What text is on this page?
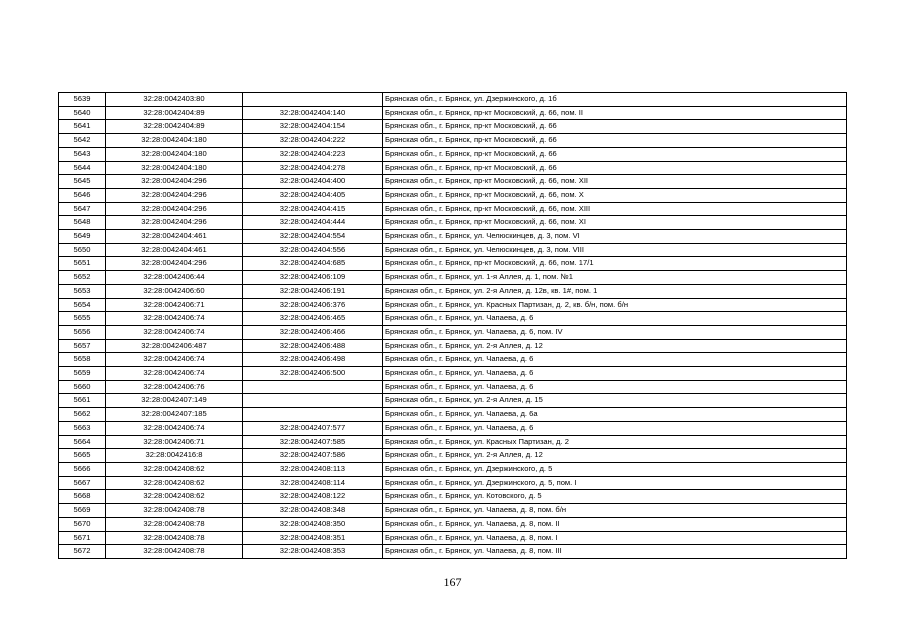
5639	32:28:0042403:80		Брянская обл., г. Брянск, ул. Дзержинского, д. 1б
5640	32:28:0042404:89	32:28:0042404:140	Брянская обл., г. Брянск, пр-кт Московский, д. 66, пом. II
5641	32:28:0042404:89	32:28:0042404:154	Брянская обл., г. Брянск, пр-кт Московский, д. 66
5642	32:28:0042404:180	32:28:0042404:222	Брянская обл., г. Брянск, пр-кт Московский, д. 66
5643	32:28:0042404:180	32:28:0042404:223	Брянская обл., г. Брянск, пр-кт Московский, д. 66
5644	32:28:0042404:180	32:28:0042404:278	Брянская обл., г. Брянск, пр-кт Московский, д. 66
5645	32:28:0042404:296	32:28:0042404:400	Брянская обл., г. Брянск, пр-кт Московский, д. 66, пом. XII
5646	32:28:0042404:296	32:28:0042404:405	Брянская обл., г. Брянск, пр-кт Московский, д. 66, пом. X
5647	32:28:0042404:296	32:28:0042404:415	Брянская обл., г. Брянск, пр-кт Московский, д. 66, пом. XIII
5648	32:28:0042404:296	32:28:0042404:444	Брянская обл., г. Брянск, пр-кт Московский, д. 66, пом. XI
5649	32:28:0042404:461	32:28:0042404:554	Брянская обл., г. Брянск, ул. Челюскинцев, д. 3, пом. VI
5650	32:28:0042404:461	32:28:0042404:556	Брянская обл., г. Брянск, ул. Челюскинцев, д. 3, пом. VIII
5651	32:28:0042404:296	32:28:0042404:685	Брянская обл., г. Брянск, пр-кт Московский, д. 66, пом. 17/1
5652	32:28:0042406:44	32:28:0042406:109	Брянская обл., г. Брянск, ул. 1-я Аллея, д. 1, пом. №1
5653	32:28:0042406:60	32:28:0042406:191	Брянская обл., г. Брянск, ул. 2-я Аллея, д. 12в, кв. 1#, пом. 1
5654	32:28:0042406:71	32:28:0042406:376	Брянская обл., г. Брянск, ул. Красных Партизан, д. 2, кв. б/н, пом. б/н
5655	32:28:0042406:74	32:28:0042406:465	Брянская обл., г. Брянск, ул. Чапаева, д. 6
5656	32:28:0042406:74	32:28:0042406:466	Брянская обл., г. Брянск, ул. Чапаева, д. 6, пом. IV
5657	32:28:0042406:487	32:28:0042406:488	Брянская обл., г. Брянск, ул. 2-я Аллея, д. 12
5658	32:28:0042406:74	32:28:0042406:498	Брянская обл., г. Брянск, ул. Чапаева, д. 6
5659	32:28:0042406:74	32:28:0042406:500	Брянская обл., г. Брянск, ул. Чапаева, д. 6
5660	32:28:0042406:76		Брянская обл., г. Брянск, ул. Чапаева, д. 6
5661	32:28:0042407:149		Брянская обл., г. Брянск, ул. 2-я Аллея, д. 15
5662	32:28:0042407:185		Брянская обл., г. Брянск, ул. Чапаева, д. 6а
5663	32:28:0042406:74	32:28:0042407:577	Брянская обл., г. Брянск, ул. Чапаева, д. 6
5664	32:28:0042406:71	32:28:0042407:585	Брянская обл., г. Брянск, ул. Красных Партизан, д. 2
5665	32:28:0042416:8	32:28:0042407:586	Брянская обл., г. Брянск, ул. 2-я Аллея, д. 12
5666	32:28:0042408:62	32:28:0042408:113	Брянская обл., г. Брянск, ул. Дзержинского, д. 5
5667	32:28:0042408:62	32:28:0042408:114	Брянская обл., г. Брянск, ул. Дзержинского, д. 5, пом. I
5668	32:28:0042408:62	32:28:0042408:122	Брянская обл., г. Брянск, ул. Котовского, д. 5
5669	32:28:0042408:78	32:28:0042408:348	Брянская обл., г. Брянск, ул. Чапаева, д. 8, пом. б/н
5670	32:28:0042408:78	32:28:0042408:350	Брянская обл., г. Брянск, ул. Чапаева, д. 8, пом. II
5671	32:28:0042408:78	32:28:0042408:351	Брянская обл., г. Брянск, ул. Чапаева, д. 8, пом. I
5672	32:28:0042408:78	32:28:0042408:353	Брянская обл., г. Брянск, ул. Чапаева, д. 8, пом. III
167
